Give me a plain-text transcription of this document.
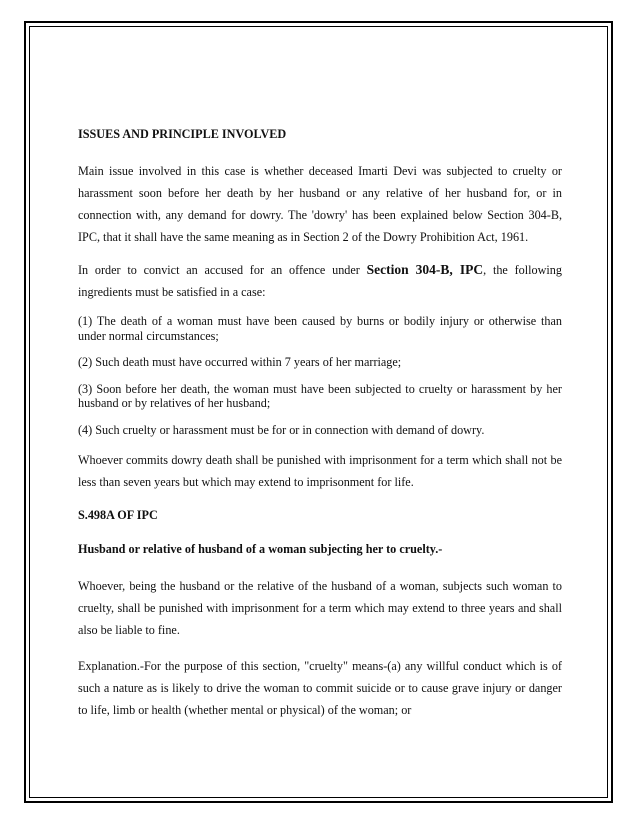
ISSUES AND PRINCIPLE INVOLVED

Main issue involved in this case is whether deceased Imarti Devi was subjected to cruelty or harassment soon before her death by her husband or any relative of her husband for, or in connection with, any demand for dowry. The 'dowry' has been explained below Section 304-B, IPC, that it shall have the same meaning as in Section 2 of the Dowry Prohibition Act, 1961.

In order to convict an accused for an offence under Section 304-B, IPC, the following ingredients must be satisfied in a case:

(1) The death of a woman must have been caused by burns or bodily injury or otherwise than under normal circumstances;

(2) Such death must have occurred within 7 years of her marriage;

(3) Soon before her death, the woman must have been subjected to cruelty or harassment by her husband or by relatives of her husband;

(4) Such cruelty or harassment must be for or in connection with demand of dowry.

Whoever commits dowry death shall be punished with imprisonment for a term which shall not be less than seven years but which may extend to imprisonment for life.

S.498A OF IPC

Husband or relative of husband of a woman subjecting her to cruelty.-

Whoever, being the husband or the relative of the husband of a woman, subjects such woman to cruelty, shall be punished with imprisonment for a term which may extend to three years and shall also be liable to fine.

Explanation.-For the purpose of this section, "cruelty" means-(a) any willful conduct which is of such a nature as is likely to drive the woman to commit suicide or to cause grave injury or danger to life, limb or health (whether mental or physical) of the woman; or
